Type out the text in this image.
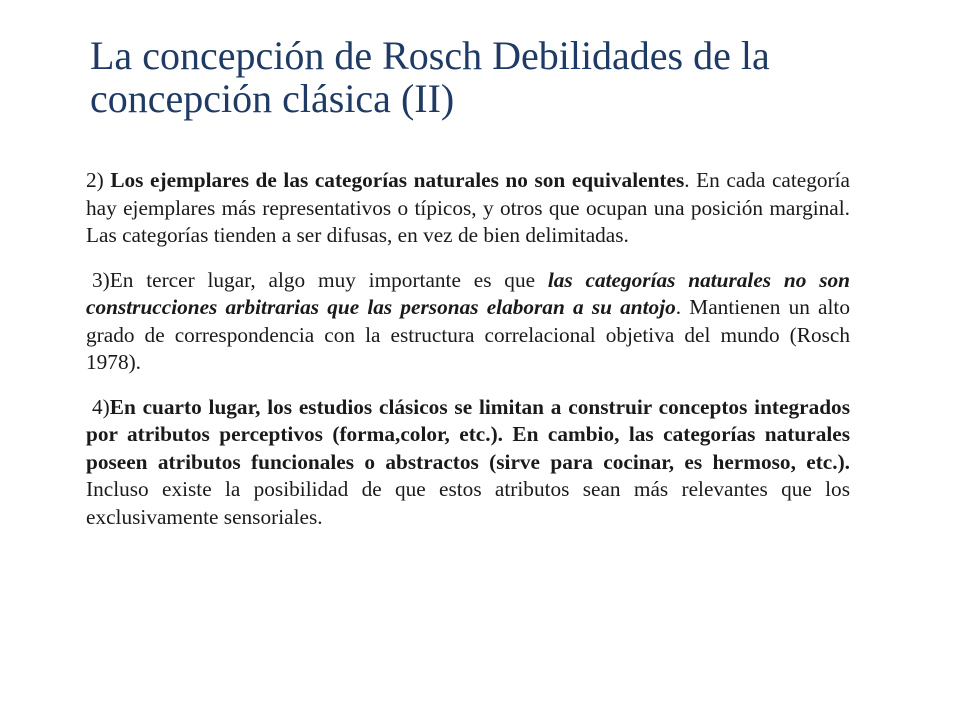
La concepción de Rosch Debilidades de la concepción clásica (II)

2) Los ejemplares de las categorías naturales no son equivalentes. En cada categoría hay ejemplares más representativos o típicos, y otros que ocupan una posición marginal. Las categorías tienden a ser difusas, en vez de bien delimitadas.

3)En tercer lugar, algo muy importante es que las categorías naturales no son construcciones arbitrarias que las personas elaboran a su antojo. Mantienen un alto grado de correspondencia con la estructura correlacional objetiva del mundo (Rosch 1978).

4)En cuarto lugar, los estudios clásicos se limitan a construir conceptos integrados por atributos perceptivos (forma,color, etc.). En cambio, las categorías naturales poseen atributos funcionales o abstractos (sirve para cocinar, es hermoso, etc.). Incluso existe la posibilidad de que estos atributos sean más relevantes que los exclusivamente sensoriales.
